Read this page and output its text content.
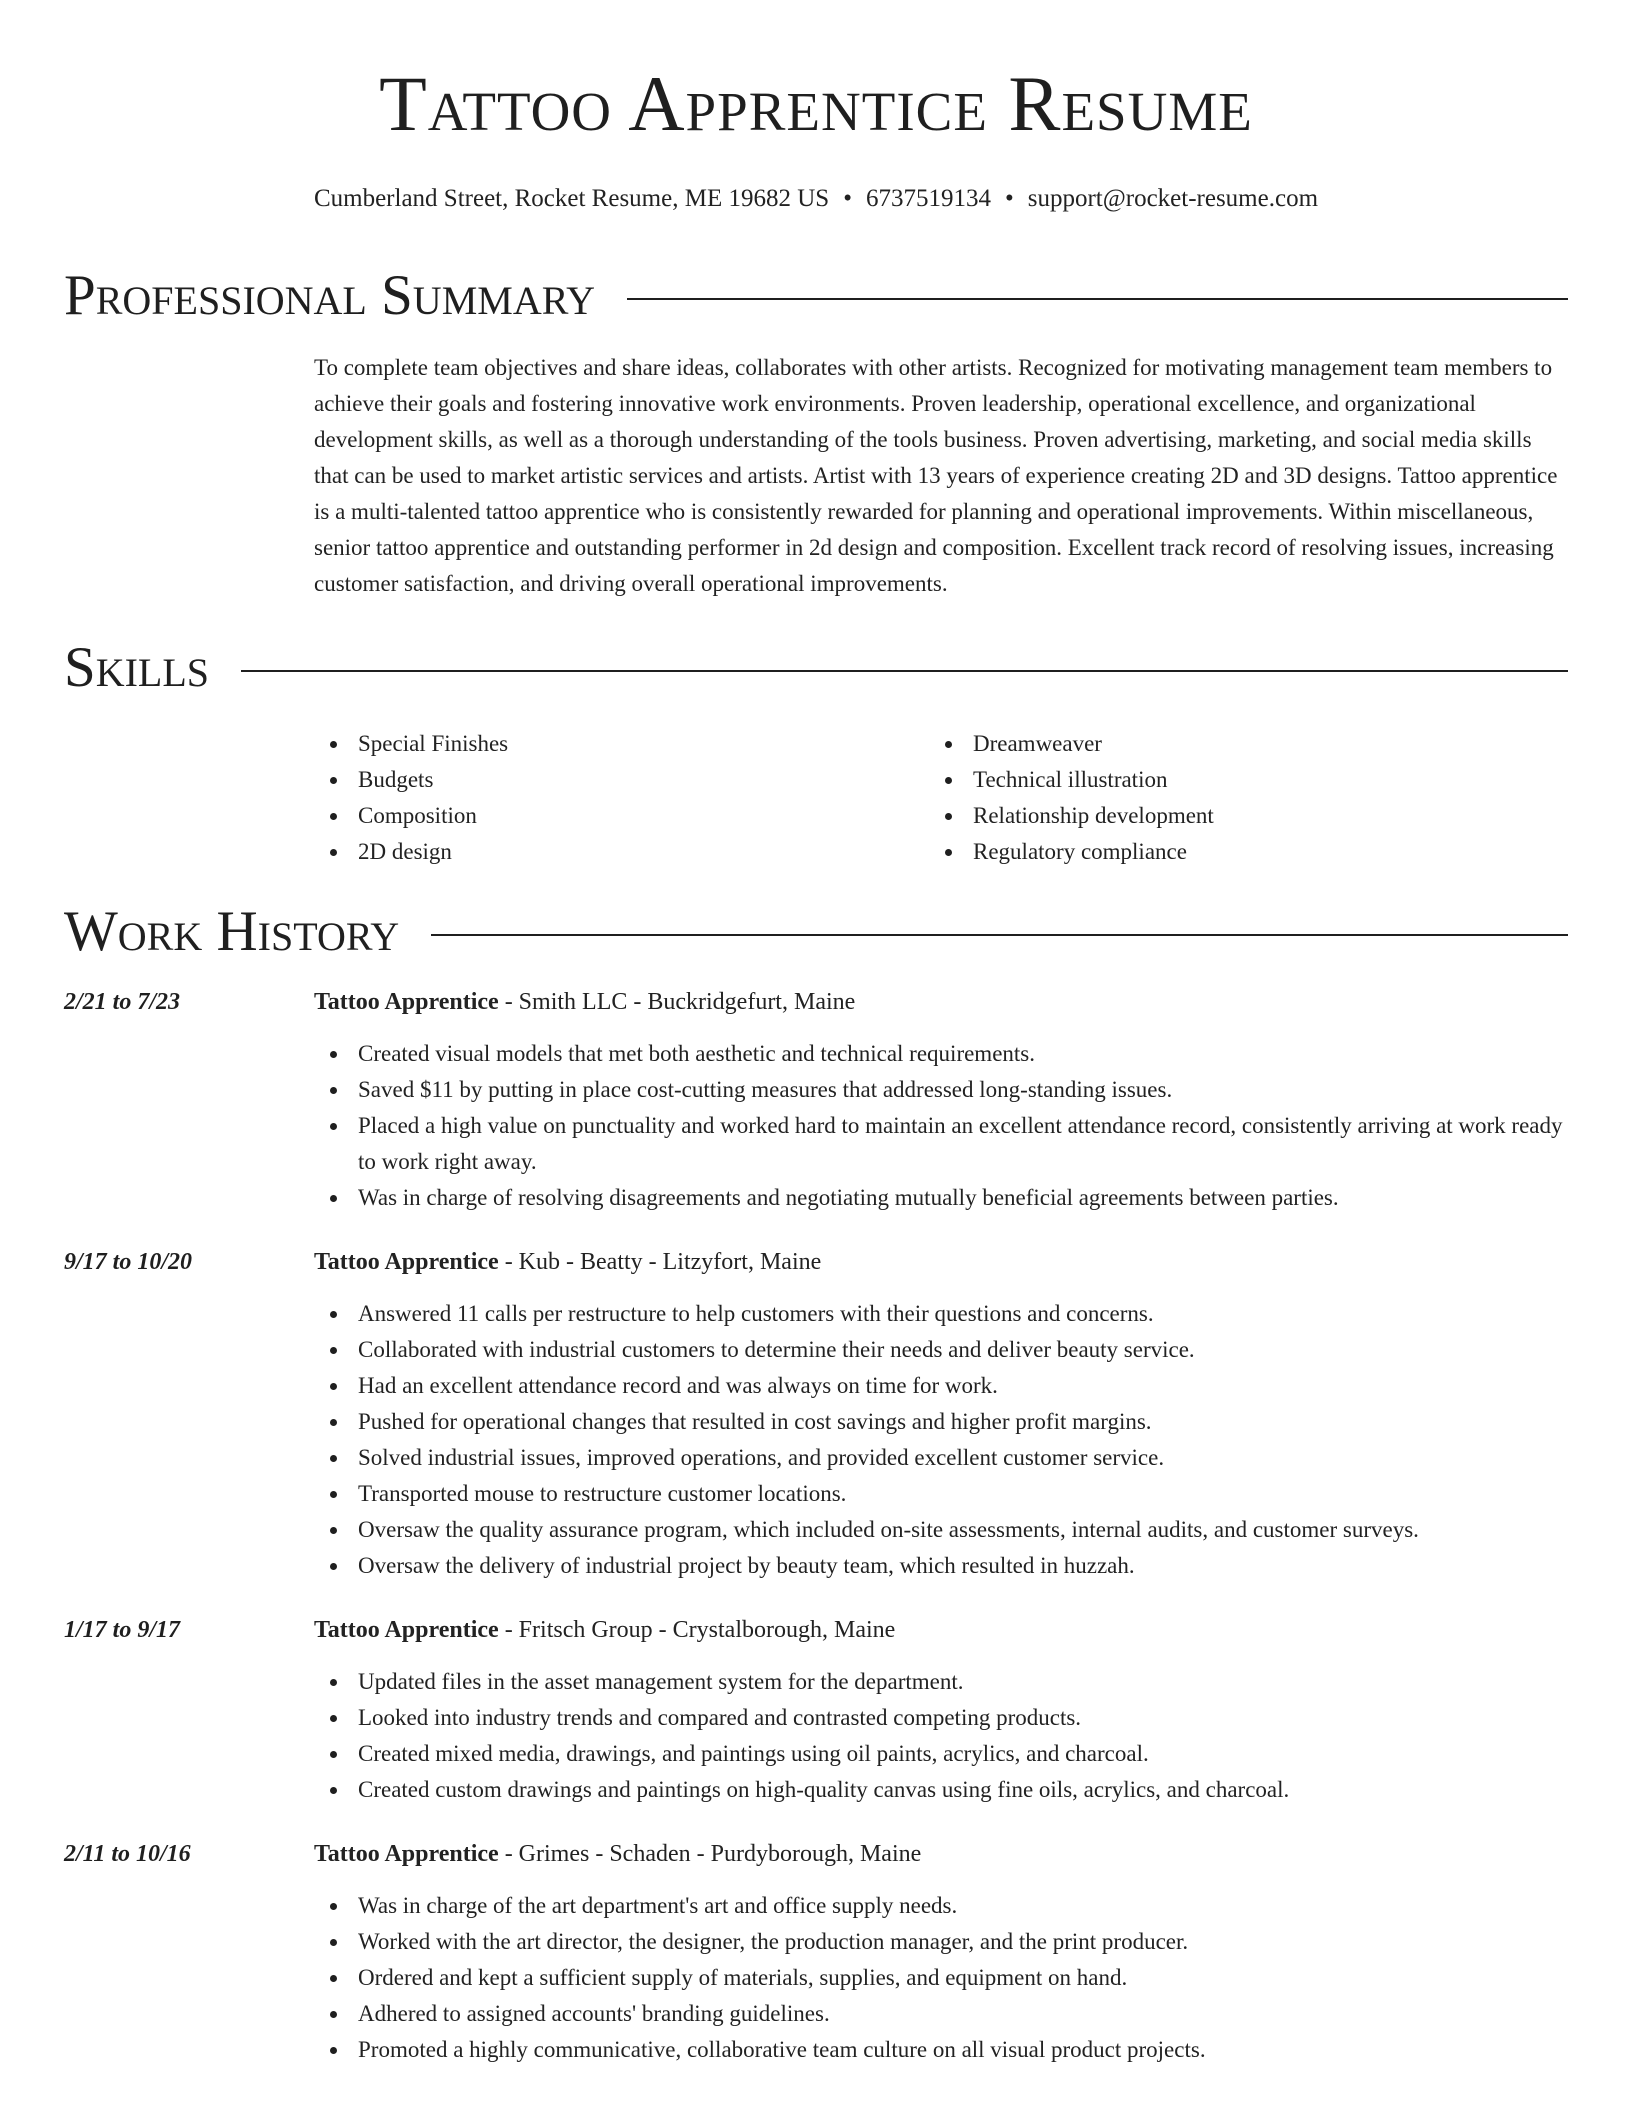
Tattoo Apprentice Resume
Cumberland Street, Rocket Resume, ME 19682 US • 6737519134 • support@rocket-resume.com
Professional Summary

To complete team objectives and share ideas, collaborates with other artists. Recognized for motivating management team members to achieve their goals and fostering innovative work environments. Proven leadership, operational excellence, and organizational development skills, as well as a thorough understanding of the tools business. Proven advertising, marketing, and social media skills that can be used to market artistic services and artists. Artist with 13 years of experience creating 2D and 3D designs. Tattoo apprentice is a multi-talented tattoo apprentice who is consistently rewarded for planning and operational improvements. Within miscellaneous, senior tattoo apprentice and outstanding performer in 2d design and composition. Excellent track record of resolving issues, increasing customer satisfaction, and driving overall operational improvements.

Skills
Special Finishes
Budgets
Composition
2D design
Dreamweaver
Technical illustration
Relationship development
Regulatory compliance
Work History
2/21 to 7/23	Tattoo Apprentice - Smith LLC - Buckridgefurt, Maine
Created visual models that met both aesthetic and technical requirements.
Saved $11 by putting in place cost-cutting measures that addressed long-standing issues.
Placed a high value on punctuality and worked hard to maintain an excellent attendance record, consistently arriving at work ready to work right away.
Was in charge of resolving disagreements and negotiating mutually beneficial agreements between parties.
9/17 to 10/20	Tattoo Apprentice - Kub - Beatty - Litzyfort, Maine
Answered 11 calls per restructure to help customers with their questions and concerns.
Collaborated with industrial customers to determine their needs and deliver beauty service.
Had an excellent attendance record and was always on time for work.
Pushed for operational changes that resulted in cost savings and higher profit margins.
Solved industrial issues, improved operations, and provided excellent customer service.
Transported mouse to restructure customer locations.
Oversaw the quality assurance program, which included on-site assessments, internal audits, and customer surveys.
Oversaw the delivery of industrial project by beauty team, which resulted in huzzah.
1/17 to 9/17	Tattoo Apprentice - Fritsch Group - Crystalborough, Maine
Updated files in the asset management system for the department.
Looked into industry trends and compared and contrasted competing products.
Created mixed media, drawings, and paintings using oil paints, acrylics, and charcoal.
Created custom drawings and paintings on high-quality canvas using fine oils, acrylics, and charcoal.
2/11 to 10/16	Tattoo Apprentice - Grimes - Schaden - Purdyborough, Maine
Was in charge of the art department's art and office supply needs.
Worked with the art director, the designer, the production manager, and the print producer.
Ordered and kept a sufficient supply of materials, supplies, and equipment on hand.
Adhered to assigned accounts' branding guidelines.
Promoted a highly communicative, collaborative team culture on all visual product projects.
